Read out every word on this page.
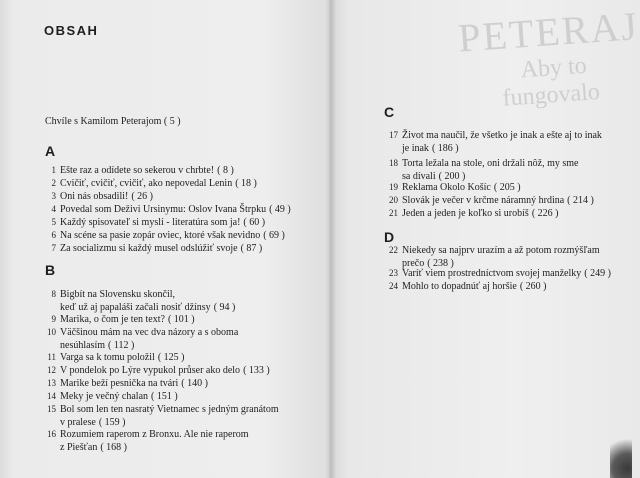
PETERAJ
Aby to
fungovalo
OBSAH
Chvíle s Kamilom Peterajom ( 5 )
A
1 Ešte raz a odídete so sekerou v chrbte! ( 8 )
2 Cvičiť, cvičiť, cvičiť, ako nepovedal Lenin ( 18 )
3 Oni nás obsadili! ( 26 )
4 Povedal som Deživi Ursinymu: Oslov Ivana Štrpku ( 49 )
5 Každý spisovateľ si myslí - literatúra som ja! ( 60 )
6 Na scéne sa pasie zopár oviec, ktoré však nevidno ( 69 )
7 Za socializmu si každý musel odslúžiť svoje ( 87 )
B
8 Bigbít na Slovensku skončil,
keď už aj papaláši začali nosiť džínsy ( 94 )
9 Marika, o čom je ten text? ( 101 )
10 Väčšinou mám na vec dva názory a s oboma
nesúhlasím ( 112 )
11 Varga sa k tomu položil ( 125 )
12 V pondelok po Lýre vypukol průser ako delo ( 133 )
13 Marike beží pesnička na tvári ( 140 )
14 Meky je večný chalan ( 151 )
15 Bol som len ten nasratý Vietnamec s jedným granátom
v pralese ( 159 )
16 Rozumiem raperom z Bronxu. Ale nie raperom
z Piešťan ( 168 )
C
17 Život ma naučil, že všetko je inak a ešte aj to inak
je inak ( 186 )
18 Torta ležala na stole, oni držali nôž, my sme
sa dívali ( 200 )
19 Reklama Okolo Košíc ( 205 )
20 Slovák je večer v krčme náramný hrdina ( 214 )
21 Jeden a jeden je koľko si urobíš ( 226 )
D
22 Niekedy sa najprv urazím a až potom rozmýšľam
prečo ( 238 )
23 Varíť viem prostredníctvom svojej manželky ( 249 )
24 Mohlo to dopadnúť aj horšie ( 260 )
